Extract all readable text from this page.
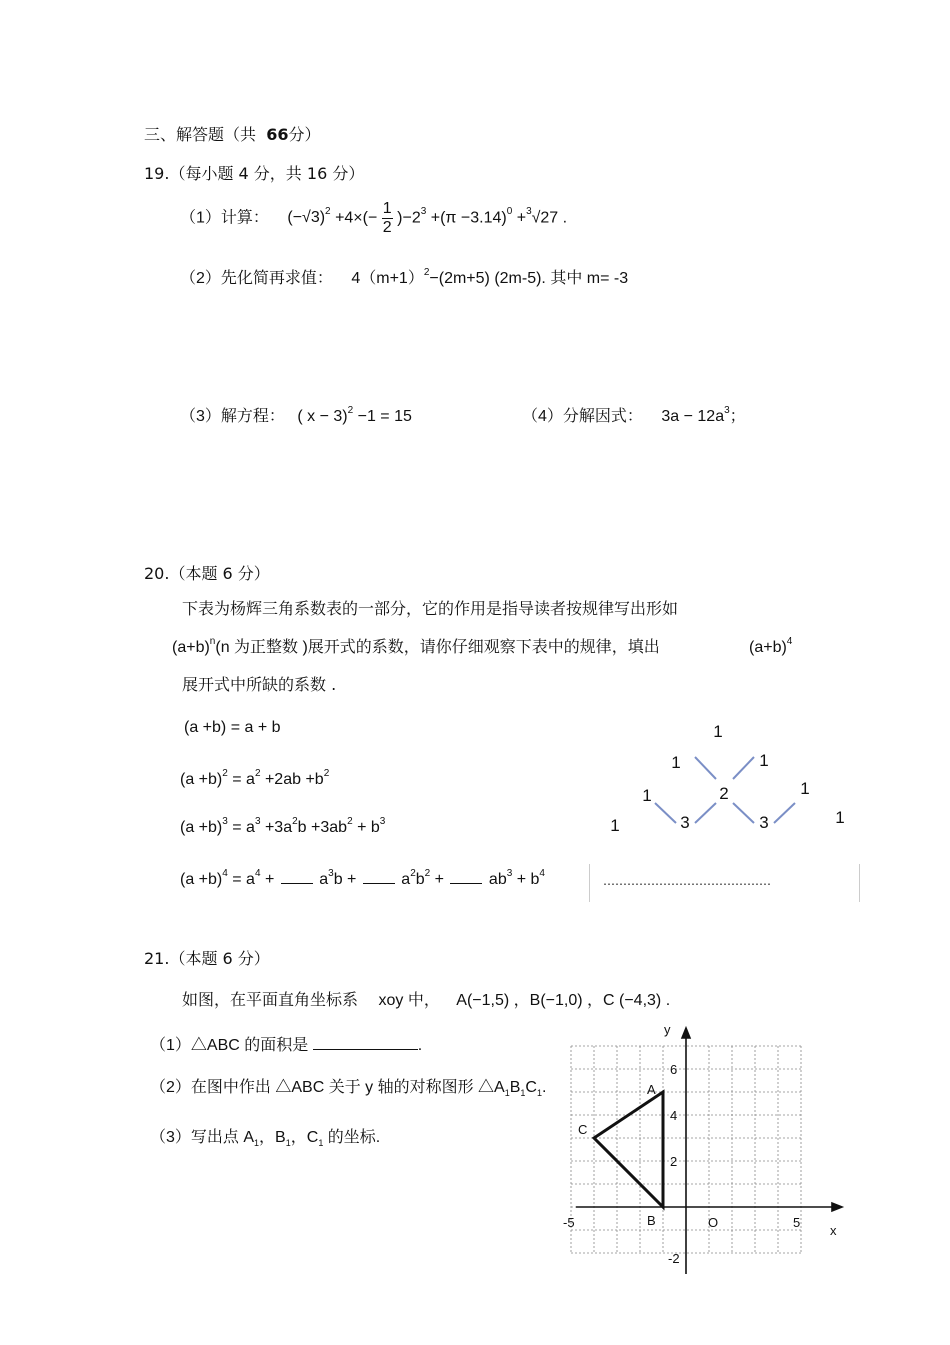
三、解答题（共 66分）
19.（每小题 4 分，共 16 分）
（1）计算： $(-√3)^2 +4\times(- \frac{1}{2} )-2^3 +(\pi -3.14)^0 +^3√27$ .
（2）先化简再求值： $4(m+1)^2-(2m+5)$ (2m-5). 其中 m= -3
（3）解方程： ( x − 3)$^2$ −1 = 15	（4）分解因式： $3a - 12a^3$；
20.（本题 6 分）
下表为杨辉三角系数表的一部分，它的作用是指导读者按规律写出形如
$(a+b)^n(n$ 为正整数 )展开式的系数，请你仔细观察下表中的规律，填出	$(a+b)^4$
展开式中所缺的系数 .
(a +b) = a + b
$(a +b)^2 = a^2 +2ab +b^2$
$(a +b)^3 = a^3 +3a^2b +3ab^2 + b^3$
$(a +b)^4 = a^4$ +	$a^3b$ +	$a^2b^2$ +	$ab^3 + b^4$
……………………………………
1
1	1
1	2	1
1	3	3	1
21.（本题 6 分）
如图，在平面直角坐标系 xoy 中， A(−1,5) ，B(−1,0) ，C (−4,3) .
（1）△ABC 的面积是	.
（2）在图中作出 △ABC 关于 y 轴的对称图形 $\triangle A_1B_1C_1$.
（3）写出点 $A_1$，$B_1$，$C_1$ 的坐标.
A
B
C
x
y
O
-5	5
2
4
6
-2
